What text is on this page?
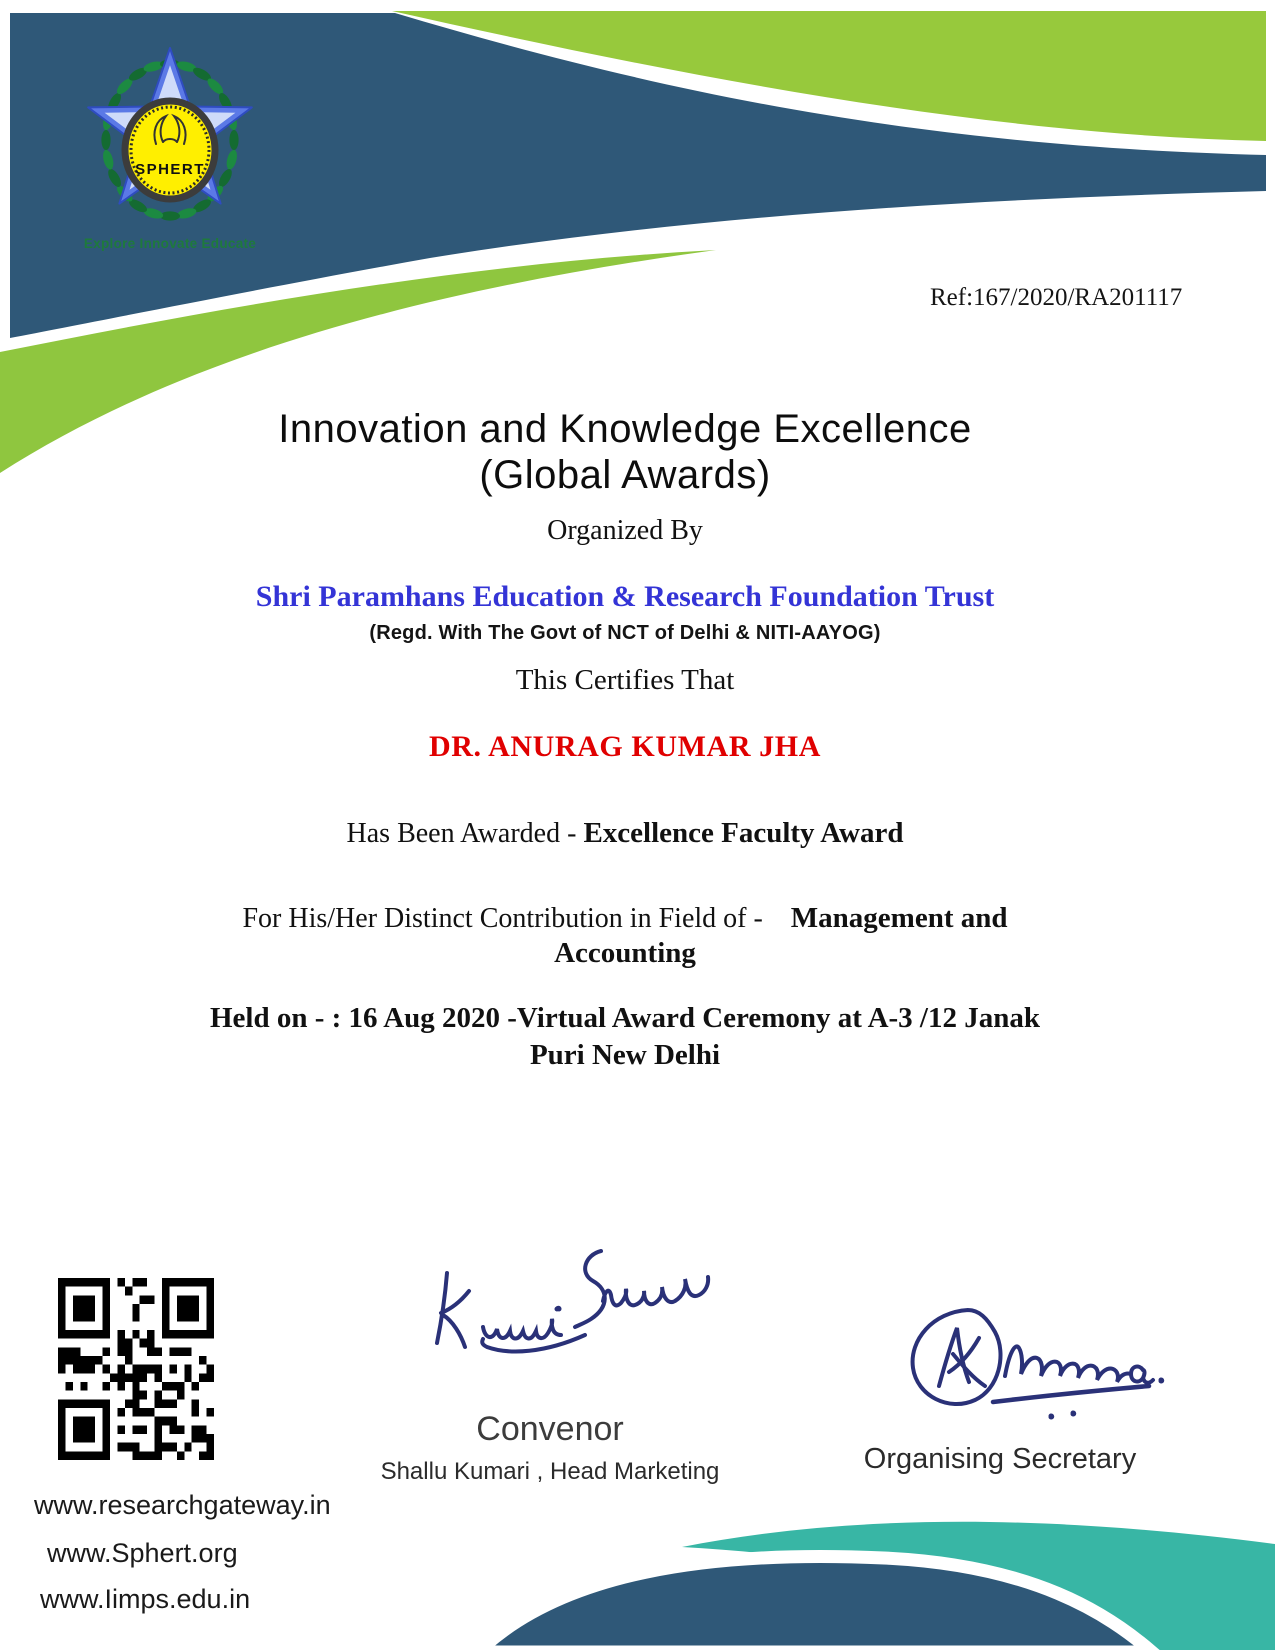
SPHERT
Explore Innovate Educate
Ref:167/2020/RA201117
Innovation and Knowledge Excellence
(Global Awards)
Organized By
Shri Paramhans Education & Research Foundation Trust
(Regd. With The Govt of NCT of Delhi & NITI-AAYOG)
This Certifies That
DR. ANURAG KUMAR JHA
Has Been Awarded - Excellence Faculty Award
For His/Her Distinct Contribution in Field of -    Management and
Accounting
Held on - : 16 Aug 2020 -Virtual Award Ceremony at A-3 /12 Janak
Puri New Delhi
Convenor
Shallu Kumari , Head Marketing	Organising Secretary
www.researchgateway.in
www.Sphert.org
www.Iimps.edu.in
